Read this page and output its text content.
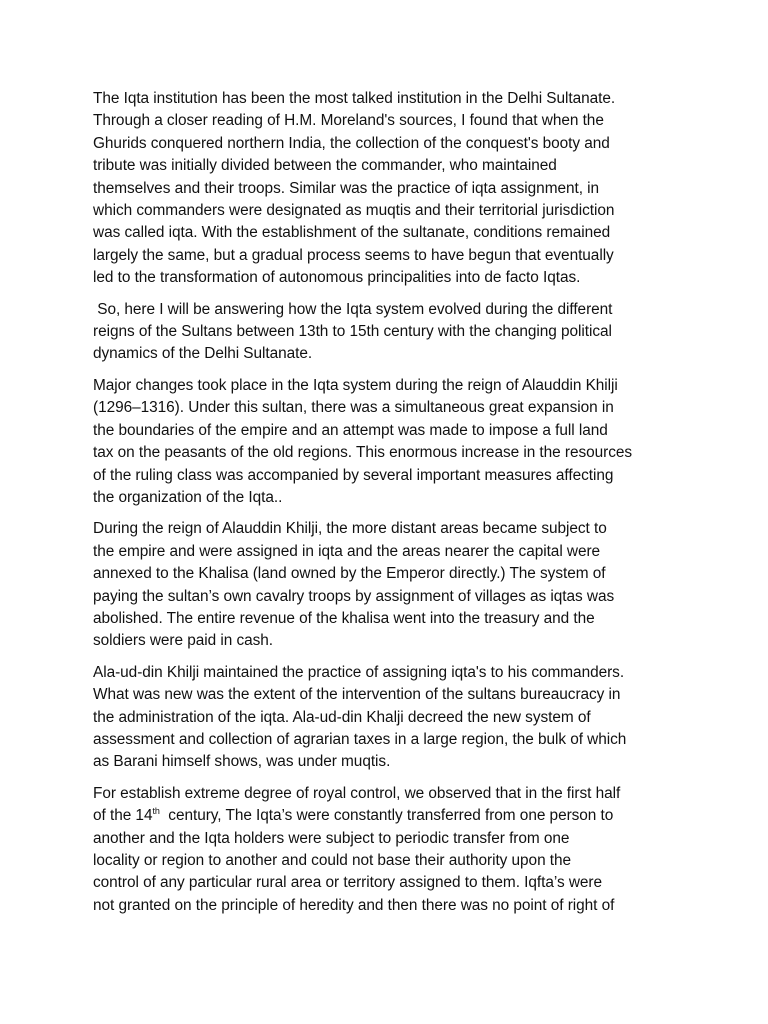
The Iqta institution has been the most talked institution in the Delhi Sultanate.
Through a closer reading of H.M. Moreland's sources, I found that when the
Ghurids conquered northern India, the collection of the conquest's booty and
tribute was initially divided between the commander, who maintained
themselves and their troops. Similar was the practice of iqta assignment, in
which commanders were designated as muqtis and their territorial jurisdiction
was called iqta. With the establishment of the sultanate, conditions remained
largely the same, but a gradual process seems to have begun that eventually
led to the transformation of autonomous principalities into de facto Iqtas.

So, here I will be answering how the Iqta system evolved during the different
reigns of the Sultans between 13th to 15th century with the changing political
dynamics of the Delhi Sultanate.

Major changes took place in the Iqta system during the reign of Alauddin Khilji
(1296–1316). Under this sultan, there was a simultaneous great expansion in
the boundaries of the empire and an attempt was made to impose a full land
tax on the peasants of the old regions. This enormous increase in the resources
of the ruling class was accompanied by several important measures affecting
the organization of the Iqta..

During the reign of Alauddin Khilji, the more distant areas became subject to
the empire and were assigned in iqta and the areas nearer the capital were
annexed to the Khalisa (land owned by the Emperor directly.) The system of
paying the sultan’s own cavalry troops by assignment of villages as iqtas was
abolished. The entire revenue of the khalisa went into the treasury and the
soldiers were paid in cash.

Ala-ud-din Khilji maintained the practice of assigning iqta's to his commanders.
What was new was the extent of the intervention of the sultans bureaucracy in
the administration of the iqta. Ala-ud-din Khalji decreed the new system of
assessment and collection of agrarian taxes in a large region, the bulk of which
as Barani himself shows, was under muqtis.

For establish extreme degree of royal control, we observed that in the first half
of the 14th  century, The Iqta’s were constantly transferred from one person to
another and the Iqta holders were subject to periodic transfer from one
locality or region to another and could not base their authority upon the
control of any particular rural area or territory assigned to them. Iqfta’s were
not granted on the principle of heredity and then there was no point of right of
